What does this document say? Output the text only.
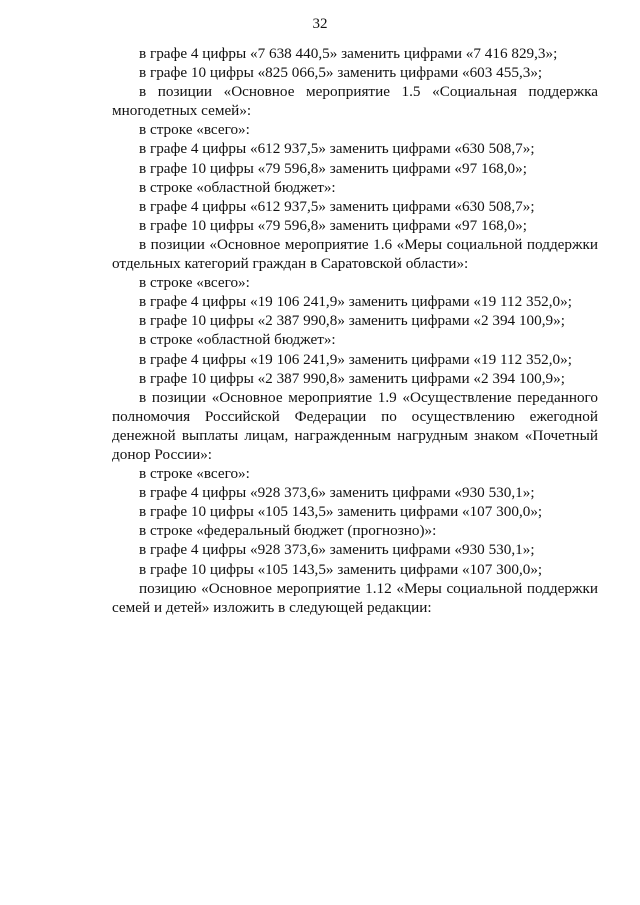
32

в графе 4 цифры «7 638 440,5» заменить цифрами «7 416 829,3»;

в графе 10 цифры «825 066,5» заменить цифрами «603 455,3»;

в позиции «Основное мероприятие 1.5 «Социальная поддержка многодетных семей»:

в строке «всего»:

в графе 4 цифры «612 937,5» заменить цифрами «630 508,7»;

в графе 10 цифры «79 596,8» заменить цифрами «97 168,0»;

в строке «областной бюджет»:

в графе 4 цифры «612 937,5» заменить цифрами «630 508,7»;

в графе 10 цифры «79 596,8» заменить цифрами «97 168,0»;

в позиции «Основное мероприятие 1.6 «Меры социальной поддержки отдельных категорий граждан в Саратовской области»:

в строке «всего»:

в графе 4 цифры «19 106 241,9» заменить цифрами «19 112 352,0»;

в графе 10 цифры «2 387 990,8» заменить цифрами «2 394 100,9»;

в строке «областной бюджет»:

в графе 4 цифры «19 106 241,9» заменить цифрами «19 112 352,0»;

в графе 10 цифры «2 387 990,8» заменить цифрами «2 394 100,9»;

в позиции «Основное мероприятие 1.9 «Осуществление переданного полномочия Российской Федерации по осуществлению ежегодной денежной выплаты лицам, награжденным нагрудным знаком «Почетный донор России»:

в строке «всего»:

в графе 4 цифры «928 373,6» заменить цифрами «930 530,1»;

в графе 10 цифры «105 143,5» заменить цифрами «107 300,0»;

в строке «федеральный бюджет (прогнозно)»:

в графе 4 цифры «928 373,6» заменить цифрами «930 530,1»;

в графе 10 цифры «105 143,5» заменить цифрами «107 300,0»;

позицию «Основное мероприятие 1.12 «Меры социальной поддержки семей и детей» изложить в следующей редакции:
